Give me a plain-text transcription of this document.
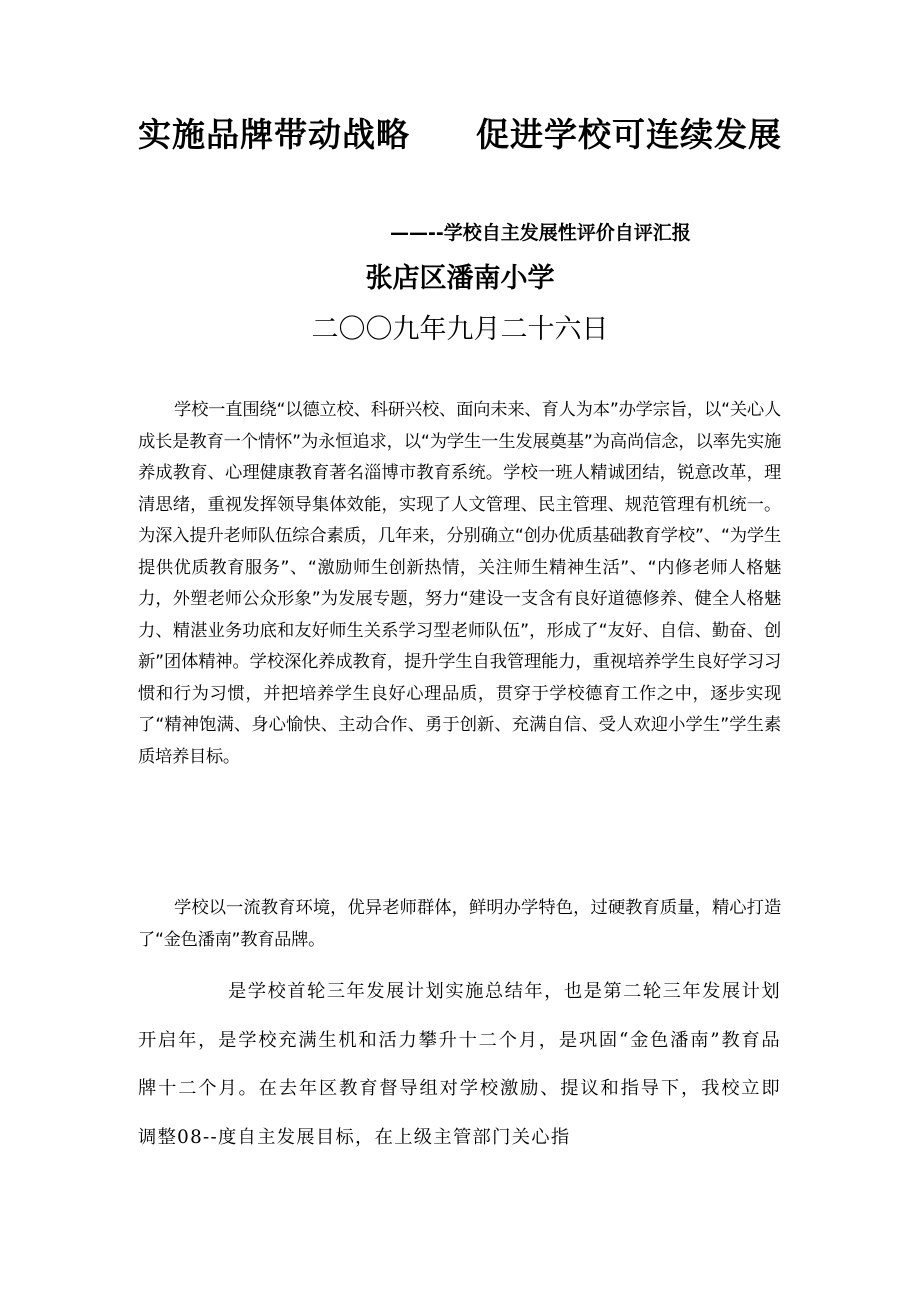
实施品牌带动战略 促进学校可连续发展
——--学校自主发展性评价自评汇报
张店区潘南小学
二〇〇九年九月二十六日
学校一直围绕“以德立校、科研兴校、面向未来、育人为本”办学宗旨，以“关心人成长是教育一个情怀”为永恒追求，以“为学生一生发展奠基”为高尚信念，以率先实施养成教育、心理健康教育著名淄博市教育系统。学校一班人精诚团结，锐意改革，理清思绪，重视发挥领导集体效能，实现了人文管理、民主管理、规范管理有机统一。为深入提升老师队伍综合素质，几年来，分别确立“创办优质基础教育学校”、“为学生提供优质教育服务”、“激励师生创新热情，关注师生精神生活”、“内修老师人格魅力，外塑老师公众形象”为发展专题，努力“建设一支含有良好道德修养、健全人格魅力、精湛业务功底和友好师生关系学习型老师队伍”，形成了“友好、自信、勤奋、创新”团体精神。学校深化养成教育，提升学生自我管理能力，重视培养学生良好学习习惯和行为习惯，并把培养学生良好心理品质，贯穿于学校德育工作之中，逐步实现了“精神饱满、身心愉快、主动合作、勇于创新、充满自信、受人欢迎小学生”学生素质培养目标。
学校以一流教育环境，优异老师群体，鲜明办学特色，过硬教育质量，精心打造了“金色潘南”教育品牌。
是学校首轮三年发展计划实施总结年，也是第二轮三年发展计划开启年，是学校充满生机和活力攀升十二个月，是巩固“金色潘南”教育品牌十二个月。在去年区教育督导组对学校激励、提议和指导下，我校立即调整08--度自主发展目标，在上级主管部门关心指
